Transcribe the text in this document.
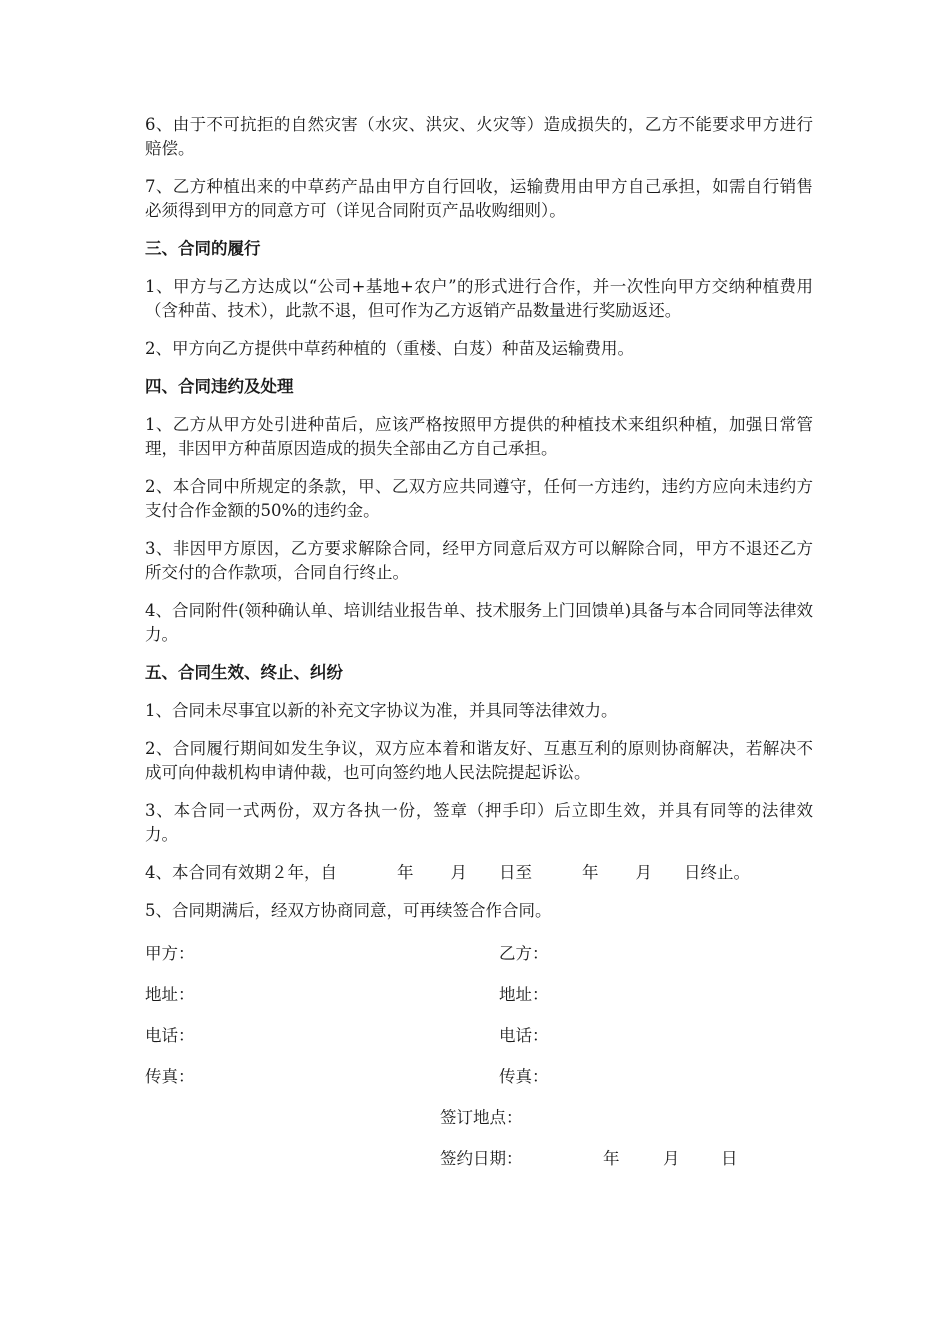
6、由于不可抗拒的自然灾害（水灾、洪灾、火灾等）造成损失的，乙方不能要求甲方进行赔偿。

7、乙方种植出来的中草药产品由甲方自行回收，运输费用由甲方自己承担，如需自行销售必须得到甲方的同意方可（详见合同附页产品收购细则）。

三、合同的履行

1、甲方与乙方达成以“公司+基地+农户”的形式进行合作，并一次性向甲方交纳种植费用（含种苗、技术），此款不退，但可作为乙方返销产品数量进行奖励返还。

2、甲方向乙方提供中草药种植的（重楼、白芨）种苗及运输费用。

四、合同违约及处理

1、乙方从甲方处引进种苗后，应该严格按照甲方提供的种植技术来组织种植，加强日常管理，非因甲方种苗原因造成的损失全部由乙方自己承担。

2、本合同中所规定的条款，甲、乙双方应共同遵守，任何一方违约，违约方应向未违约方支付合作金额的50%的违约金。

3、非因甲方原因，乙方要求解除合同，经甲方同意后双方可以解除合同，甲方不退还乙方所交付的合作款项，合同自行终止。

4、合同附件(领种确认单、培训结业报告单、技术服务上门回馈单)具备与本合同同等法律效力。

五、合同生效、终止、纠纷

1、合同未尽事宜以新的补充文字协议为准，并具同等法律效力。

2、合同履行期间如发生争议，双方应本着和谐友好、互惠互利的原则协商解决，若解决不成可向仲裁机构申请仲裁，也可向签约地人民法院提起诉讼。

3、本合同一式两份，双方各执一份，签章（押手印）后立即生效，并具有同等的法律效力。

4、本合同有效期２年，自	年 月 日至	年 月 日终止。

5、合同期满后，经双方协商同意，可再续签合作合同。

甲方：	乙方：
地址：	地址：
电话：	电话：
传真：	传真：
签订地点：
签约日期：	年	月	日
